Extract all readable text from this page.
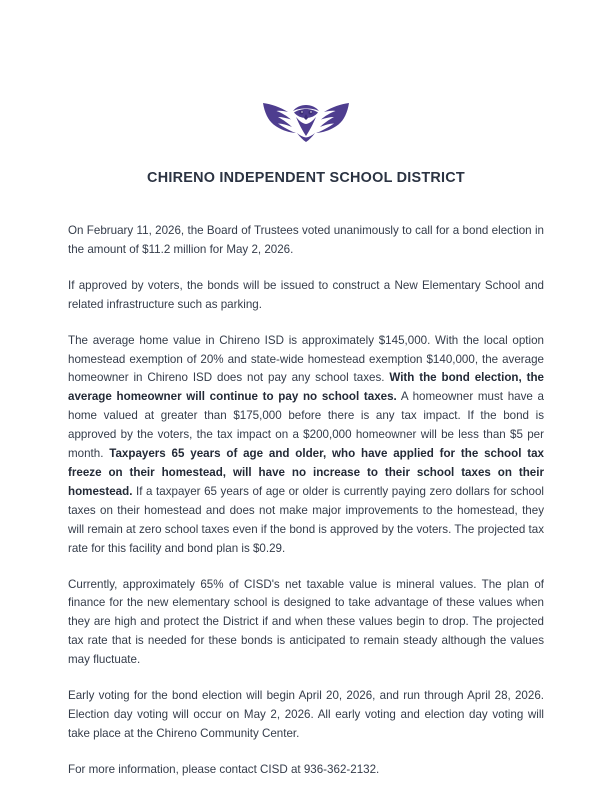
CHIRENO INDEPENDENT SCHOOL DISTRICT

On February 11, 2026, the Board of Trustees voted unanimously to call for a bond election in the amount of $11.2 million for May 2, 2026.

If approved by voters, the bonds will be issued to construct a New Elementary School and related infrastructure such as parking.

The average home value in Chireno ISD is approximately $145,000. With the local option homestead exemption of 20% and state-wide homestead exemption $140,000, the average homeowner in Chireno ISD does not pay any school taxes. With the bond election, the average homeowner will continue to pay no school taxes. A homeowner must have a home valued at greater than $175,000 before there is any tax impact. If the bond is approved by the voters, the tax impact on a $200,000 homeowner will be less than $5 per month. Taxpayers 65 years of age and older, who have applied for the school tax freeze on their homestead, will have no increase to their school taxes on their homestead. If a taxpayer 65 years of age or older is currently paying zero dollars for school taxes on their homestead and does not make major improvements to the homestead, they will remain at zero school taxes even if the bond is approved by the voters. The projected tax rate for this facility and bond plan is $0.29.

Currently, approximately 65% of CISD's net taxable value is mineral values. The plan of finance for the new elementary school is designed to take advantage of these values when they are high and protect the District if and when these values begin to drop. The projected tax rate that is needed for these bonds is anticipated to remain steady although the values may fluctuate.

Early voting for the bond election will begin April 20, 2026, and run through April 28, 2026. Election day voting will occur on May 2, 2026. All early voting and election day voting will take place at the Chireno Community Center.

For more information, please contact CISD at 936-362-2132.
